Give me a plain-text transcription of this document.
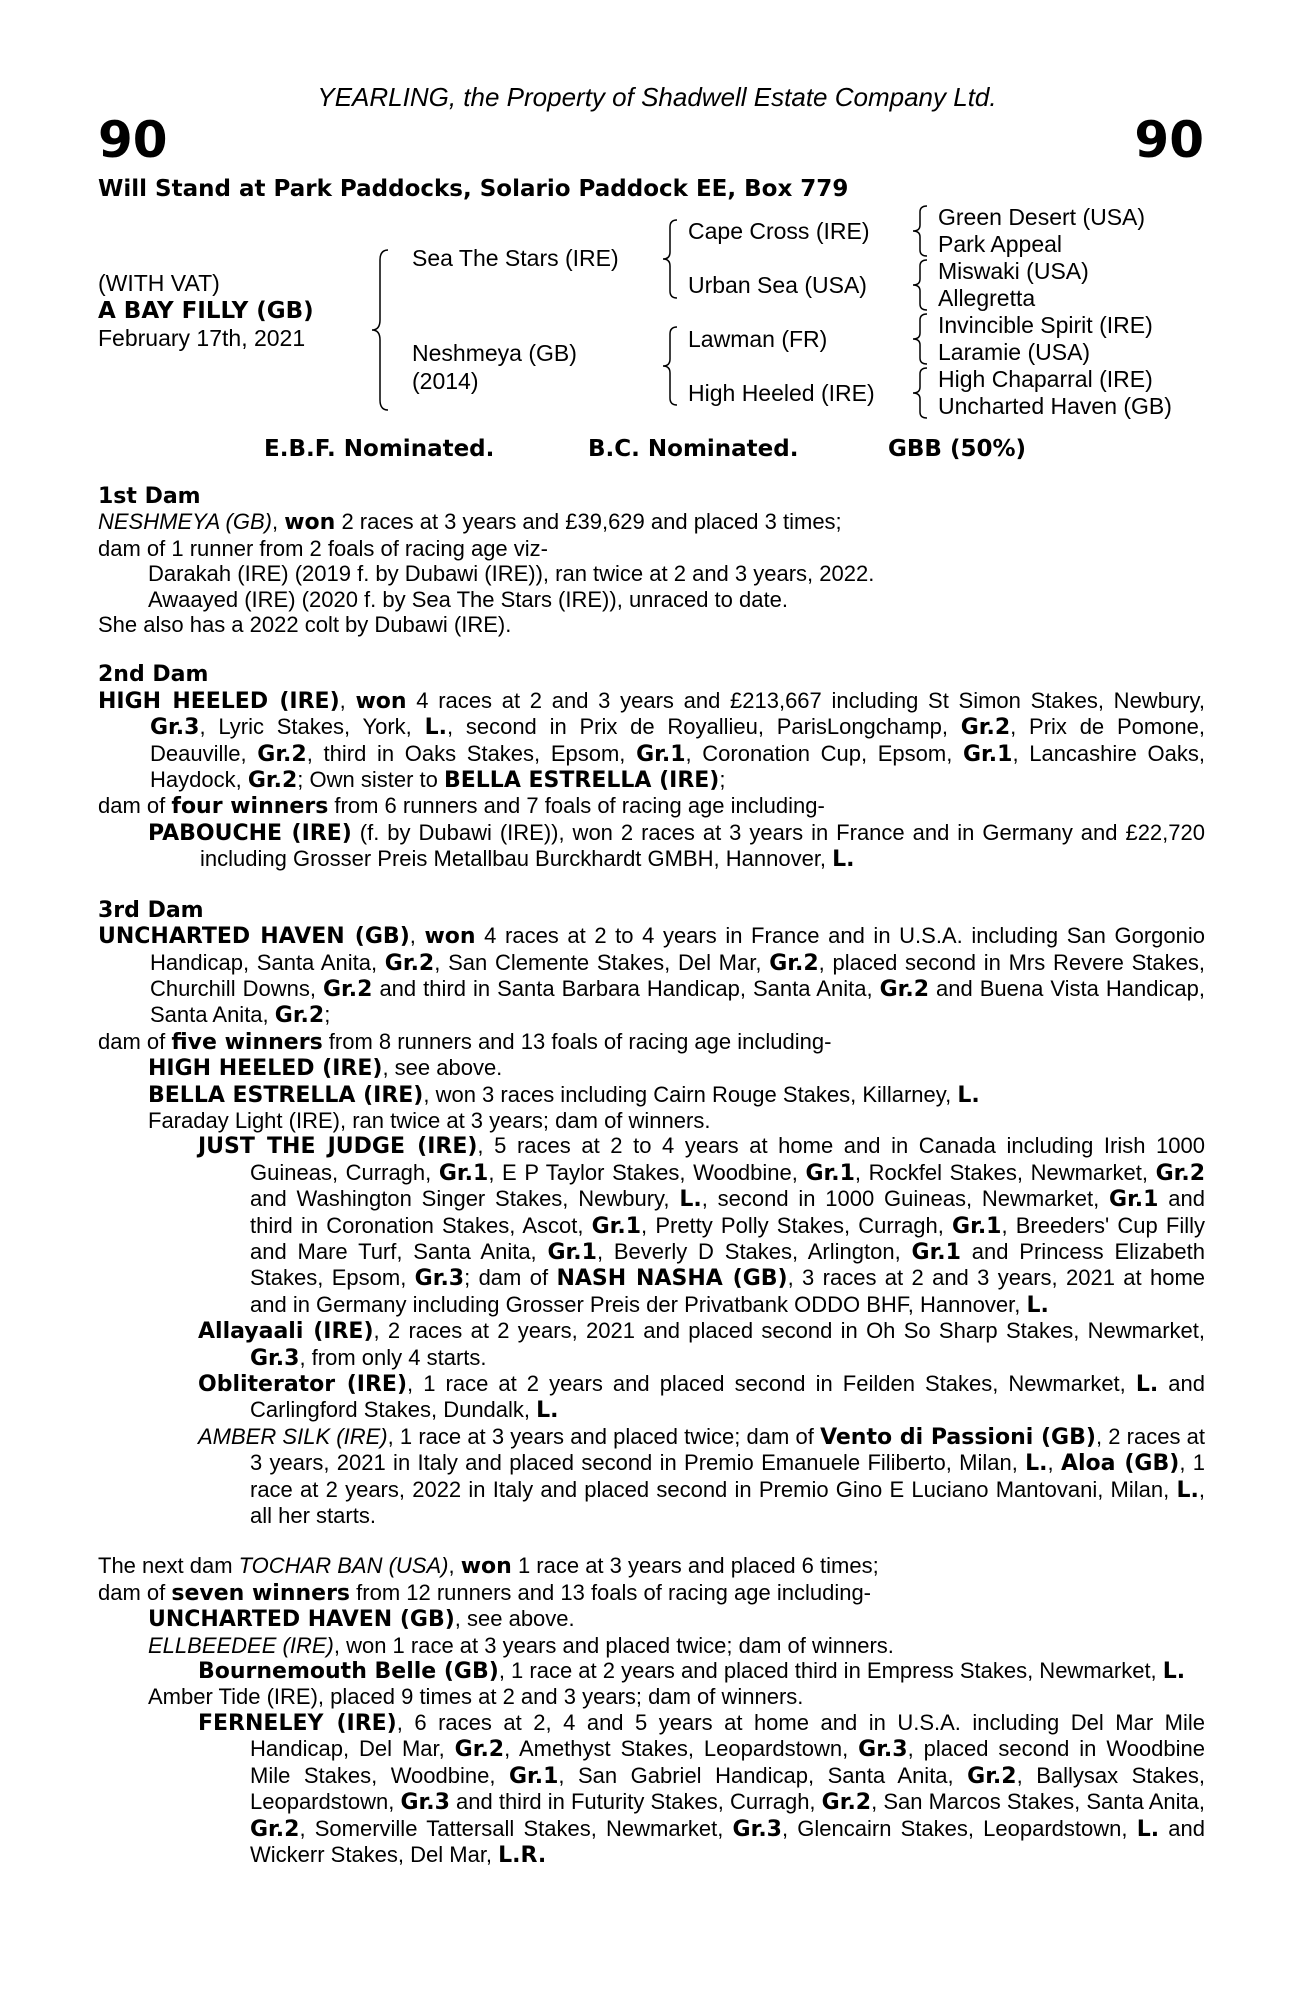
YEARLING, the Property of Shadwell Estate Company Ltd.
90	90
Will Stand at Park Paddocks, Solario Paddock EE, Box 779
(WITH VAT)
A BAY FILLY (GB)
February 17th, 2021
Sea The Stars (IRE)
Neshmeya (GB)
(2014)
Cape Cross (IRE)
Urban Sea (USA)
Lawman (FR)
High Heeled (IRE)
Green Desert (USA)
Park Appeal
Miswaki (USA)
Allegretta
Invincible Spirit (IRE)
Laramie (USA)
High Chaparral (IRE)
Uncharted Haven (GB)
E.B.F. Nominated.	B.C. Nominated.	GBB (50%)

1st Dam

NESHMEYA (GB), won 2 races at 3 years and £39,629 and placed 3 times;

dam of 1 runner from 2 foals of racing age viz-

Darakah (IRE) (2019 f. by Dubawi (IRE)), ran twice at 2 and 3 years, 2022.

Awaayed (IRE) (2020 f. by Sea The Stars (IRE)), unraced to date.

She also has a 2022 colt by Dubawi (IRE).

2nd Dam

HIGH HEELED (IRE), won 4 races at 2 and 3 years and £213,667 including St Simon Stakes, Newbury, Gr.3, Lyric Stakes, York, L., second in Prix de Royallieu, ParisLongchamp, Gr.2, Prix de Pomone, Deauville, Gr.2, third in Oaks Stakes, Epsom, Gr.1, Coronation Cup, Epsom, Gr.1, Lancashire Oaks, Haydock, Gr.2; Own sister to BELLA ESTRELLA (IRE);

dam of four winners from 6 runners and 7 foals of racing age including-

PABOUCHE (IRE) (f. by Dubawi (IRE)), won 2 races at 3 years in France and in Germany and £22,720 including Grosser Preis Metallbau Burckhardt GMBH, Hannover, L.

3rd Dam

UNCHARTED HAVEN (GB), won 4 races at 2 to 4 years in France and in U.S.A. including San Gorgonio Handicap, Santa Anita, Gr.2, San Clemente Stakes, Del Mar, Gr.2, placed second in Mrs Revere Stakes, Churchill Downs, Gr.2 and third in Santa Barbara Handicap, Santa Anita, Gr.2 and Buena Vista Handicap, Santa Anita, Gr.2;

dam of five winners from 8 runners and 13 foals of racing age including-

HIGH HEELED (IRE), see above.

BELLA ESTRELLA (IRE), won 3 races including Cairn Rouge Stakes, Killarney, L.

Faraday Light (IRE), ran twice at 3 years; dam of winners.

JUST THE JUDGE (IRE), 5 races at 2 to 4 years at home and in Canada including Irish 1000 Guineas, Curragh, Gr.1, E P Taylor Stakes, Woodbine, Gr.1, Rockfel Stakes, Newmarket, Gr.2 and Washington Singer Stakes, Newbury, L., second in 1000 Guineas, Newmarket, Gr.1 and third in Coronation Stakes, Ascot, Gr.1, Pretty Polly Stakes, Curragh, Gr.1, Breeders' Cup Filly and Mare Turf, Santa Anita, Gr.1, Beverly D Stakes, Arlington, Gr.1 and Princess Elizabeth Stakes, Epsom, Gr.3; dam of NASH NASHA (GB), 3 races at 2 and 3 years, 2021 at home and in Germany including Grosser Preis der Privatbank ODDO BHF, Hannover, L.

Allayaali (IRE), 2 races at 2 years, 2021 and placed second in Oh So Sharp Stakes, Newmarket, Gr.3, from only 4 starts.

Obliterator (IRE), 1 race at 2 years and placed second in Feilden Stakes, Newmarket, L. and Carlingford Stakes, Dundalk, L.

AMBER SILK (IRE), 1 race at 3 years and placed twice; dam of Vento di Passioni (GB), 2 races at 3 years, 2021 in Italy and placed second in Premio Emanuele Filiberto, Milan, L., Aloa (GB), 1 race at 2 years, 2022 in Italy and placed second in Premio Gino E Luciano Mantovani, Milan, L., all her starts.

The next dam TOCHAR BAN (USA), won 1 race at 3 years and placed 6 times;

dam of seven winners from 12 runners and 13 foals of racing age including-

UNCHARTED HAVEN (GB), see above.

ELLBEEDEE (IRE), won 1 race at 3 years and placed twice; dam of winners.

Bournemouth Belle (GB), 1 race at 2 years and placed third in Empress Stakes, Newmarket, L.

Amber Tide (IRE), placed 9 times at 2 and 3 years; dam of winners.

FERNELEY (IRE), 6 races at 2, 4 and 5 years at home and in U.S.A. including Del Mar Mile Handicap, Del Mar, Gr.2, Amethyst Stakes, Leopardstown, Gr.3, placed second in Woodbine Mile Stakes, Woodbine, Gr.1, San Gabriel Handicap, Santa Anita, Gr.2, Ballysax Stakes, Leopardstown, Gr.3 and third in Futurity Stakes, Curragh, Gr.2, San Marcos Stakes, Santa Anita, Gr.2, Somerville Tattersall Stakes, Newmarket, Gr.3, Glencairn Stakes, Leopardstown, L. and Wickerr Stakes, Del Mar, L.R.
